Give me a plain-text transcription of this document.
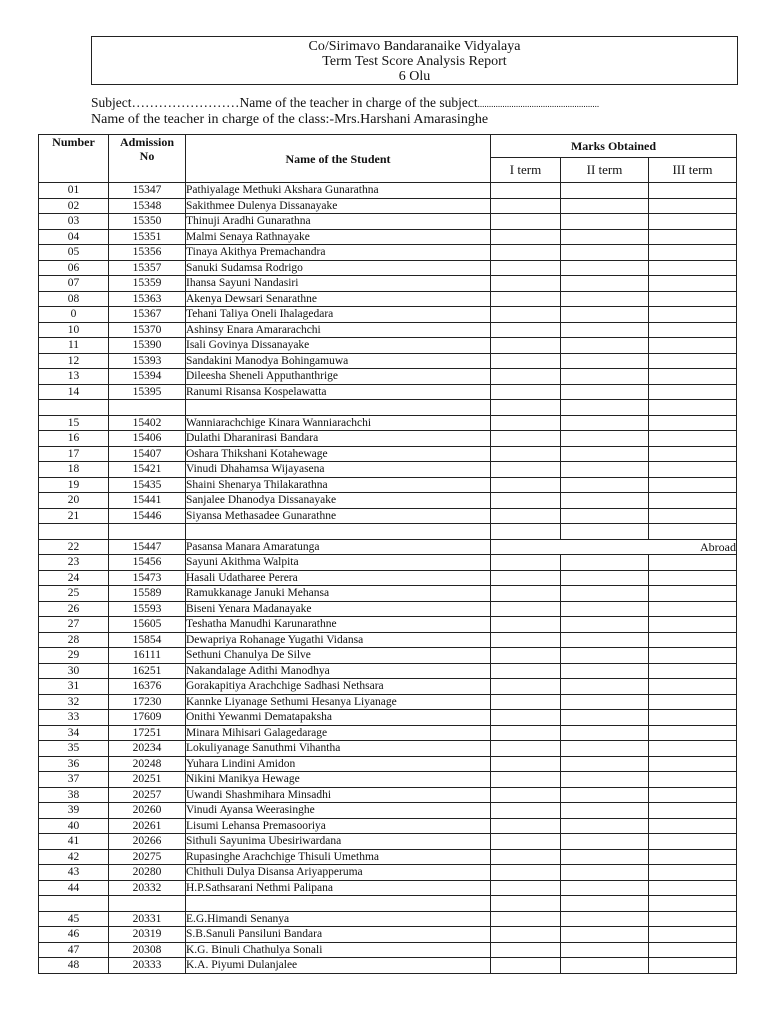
Co/Sirimavo Bandaranaike Vidyalaya
Term Test Score Analysis Report
6 Olu
Subject……………………Name of the teacher in charge of the subject......................................................
Name of the teacher in charge of the class:-Mrs.Harshani Amarasinghe
Number	Admission
No	Name of the Student	Marks Obtained		
			I term	II term	III term
01	15347	Pathiyalage Methuki Akshara Gunarathna			
02	15348	Sakithmee Dulenya Dissanayake			
03	15350	Thinuji Aradhi Gunarathna			
04	15351	Malmi Senaya Rathnayake			
05	15356	Tinaya Akithya Premachandra			
06	15357	Sanuki Sudamsa Rodrigo			
07	15359	Ihansa Sayuni Nandasiri			
08	15363	Akenya Dewsari Senarathne			
0	15367	Tehani Taliya Oneli Ihalagedara			
10	15370	Ashinsy Enara Amararachchi			
11	15390	Isali Govinya Dissanayake			
12	15393	Sandakini Manodya Bohingamuwa			
13	15394	Dileesha Sheneli Apputhanthrige			
14	15395	Ranumi Risansa Kospelawatta			

15	15402	Wanniarachchige Kinara Wanniarachchi			
16	15406	Dulathi Dharanirasi Bandara			
17	15407	Oshara Thikshani Kotahewage			
18	15421	Vinudi Dhahamsa Wijayasena			
19	15435	Shaini Shenarya Thilakarathna			
20	15441	Sanjalee Dhanodya Dissanayake			
21	15446	Siyansa Methasadee Gunarathne			

22	15447	Pasansa Manara Amaratunga	Abroad		
23	15456	Sayuni Akithma Walpita			
24	15473	Hasali Udatharee Perera			
25	15589	Ramukkanage Januki Mehansa			
26	15593	Biseni Yenara Madanayake			
27	15605	Teshatha Manudhi Karunarathne			
28	15854	Dewapriya Rohanage Yugathi Vidansa			
29	16111	Sethuni Chanulya De Silve			
30	16251	Nakandalage Adithi Manodhya			
31	16376	Gorakapitiya Arachchige Sadhasi Nethsara			
32	17230	Kannke Liyanage Sethumi Hesanya Liyanage			
33	17609	Onithi Yewanmi Dematapaksha			
34	17251	Minara Mihisari Galagedarage			
35	20234	Lokuliyanage Sanuthmi Vihantha			
36	20248	Yuhara Lindini Amidon			
37	20251	Nikini Manikya Hewage			
38	20257	Uwandi Shashmihara Minsadhi			
39	20260	Vinudi Ayansa Weerasinghe			
40	20261	Lisumi Lehansa Premasooriya			
41	20266	Sithuli Sayunima Ubesiriwardana			
42	20275	Rupasinghe Arachchige Thisuli Umethma			
43	20280	Chithuli Dulya Disansa Ariyapperuma			
44	20332	H.P.Sathsarani Nethmi Palipana			

45	20331	E.G.Himandi Senanya			
46	20319	S.B.Sanuli Pansiluni Bandara			
47	20308	K.G. Binuli Chathulya Sonali			
48	20333	K.A. Piyumi Dulanjalee			
